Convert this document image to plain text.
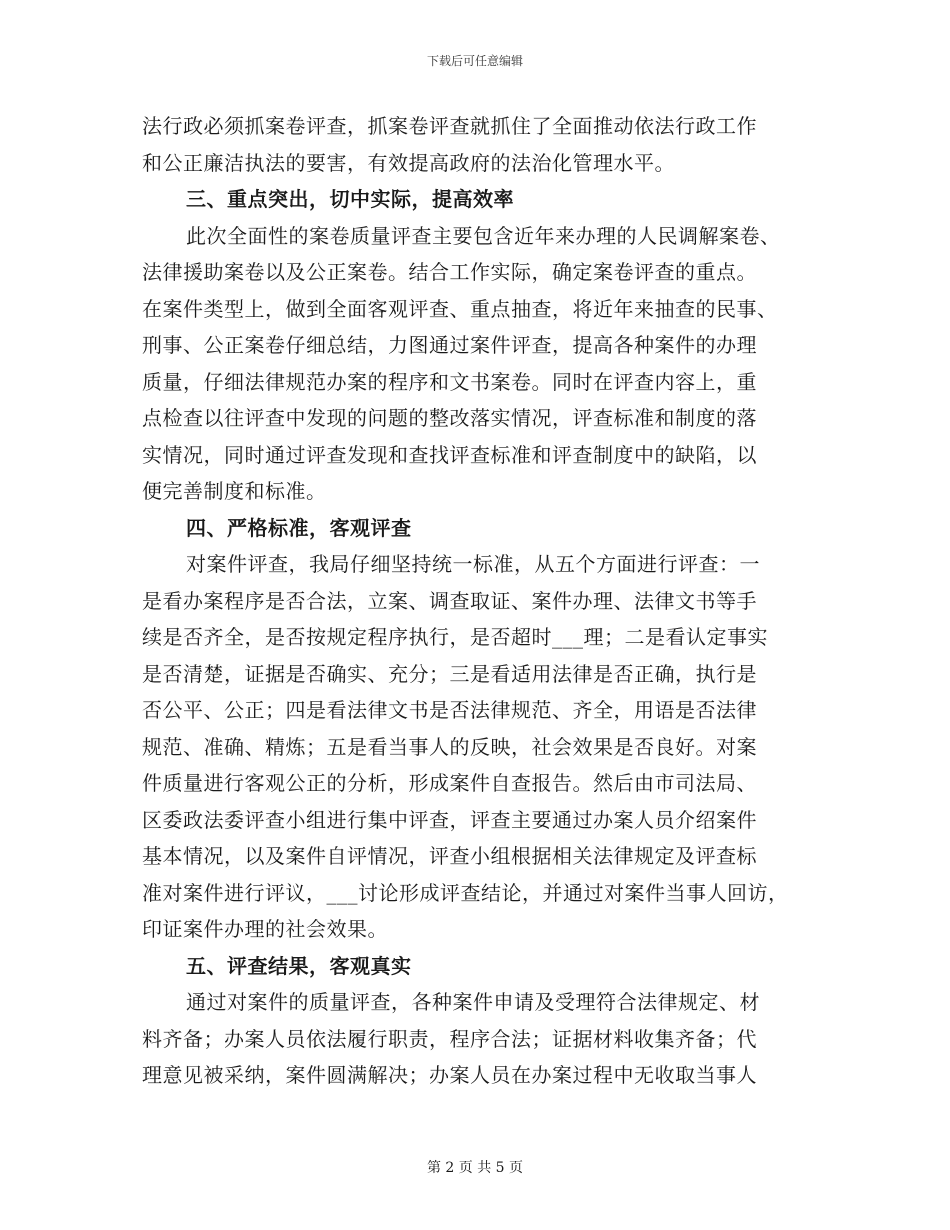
下载后可任意编辑
法行政必须抓案卷评查，抓案卷评查就抓住了全面推动依法行政工作
和公正廉洁执法的要害，有效提高政府的法治化管理水平。
三、重点突出，切中实际，提高效率
此次全面性的案卷质量评查主要包含近年来办理的人民调解案卷、
法律援助案卷以及公正案卷。结合工作实际，确定案卷评查的重点。
在案件类型上，做到全面客观评查、重点抽查，将近年来抽查的民事、
刑事、公正案卷仔细总结，力图通过案件评查，提高各种案件的办理
质量，仔细法律规范办案的程序和文书案卷。同时在评查内容上，重
点检查以往评查中发现的问题的整改落实情况，评查标准和制度的落
实情况，同时通过评查发现和查找评查标准和评查制度中的缺陷，以
便完善制度和标准。
四、严格标准，客观评查
对案件评查，我局仔细坚持统一标准，从五个方面进行评查：一
是看办案程序是否合法，立案、调查取证、案件办理、法律文书等手
续是否齐全，是否按规定程序执行，是否超时___理；二是看认定事实
是否清楚，证据是否确实、充分；三是看适用法律是否正确，执行是
否公平、公正；四是看法律文书是否法律规范、齐全，用语是否法律
规范、准确、精炼；五是看当事人的反映，社会效果是否良好。对案
件质量进行客观公正的分析，形成案件自查报告。然后由市司法局、
区委政法委评查小组进行集中评查，评查主要通过办案人员介绍案件
基本情况，以及案件自评情况，评查小组根据相关法律规定及评查标
准对案件进行评议，___讨论形成评查结论，并通过对案件当事人回访，
印证案件办理的社会效果。
五、评查结果，客观真实
通过对案件的质量评查，各种案件申请及受理符合法律规定、材
料齐备；办案人员依法履行职责，程序合法；证据材料收集齐备；代
理意见被采纳，案件圆满解决；办案人员在办案过程中无收取当事人
第 2 页 共 5 页
